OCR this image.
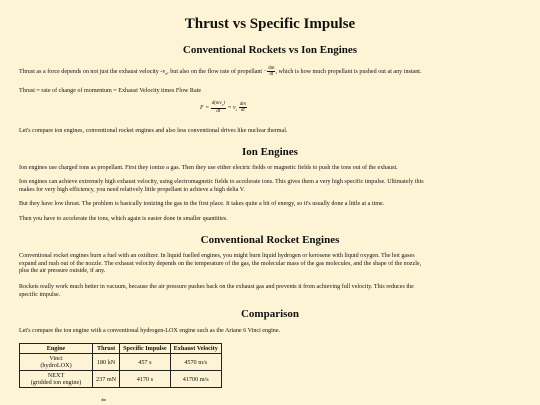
Thrust vs Specific Impulse
Conventional Rockets vs Ion Engines
Thrust as a force depends on not just the exhaust velocity $-v_e$, but also on the flow rate of propellant − $\frac{dm}{dt}$ , which is how much propellant is pushed out at any instant.
Thrust = rate of change of momentum = Exhaust Velocity times Flow Rate
$F = \frac{d(mv_e)}{dt} = v_e \frac{dm}{dt}$
Let's compare ion engines, conventional rocket engines and also less conventional drives like nuclear thermal.
Ion Engines
Ion engines use charged ions as propellant. First they ionize a gas. Then they use either electric fields or magnetic fields to push the ions out of the exhaust.
Ion engines can achieve extremely high exhaust velocity, using electromagnetic fields to accelerate ions. This gives them a very high specific impulse. Ultimately this
makes for very high efficiency, you need relatively little propellant to achieve a high delta V.
But they have low thrust. The problem is basically ionizing the gas in the first place. It takes quite a bit of energy, so it's usually done a little at a time.
Then you have to accelerate the ions, which again is easier done in smaller quantities.
Conventional Rocket Engines
Conventional rocket engines burn a fuel with an oxidizer. In liquid fuelled engines, you might burn liquid hydrogen or kerosene with liquid oxygen. The hot gases
expand and rush out of the nozzle. The exhaust velocity depends on the temperature of the gas, the molecular mass of the gas molecules, and the shape of the nozzle,
plus the air pressure outside, if any.
Rockets really work much better in vacuum, because the air pressure pushes back on the exhaust gas and prevents it from achieving full velocity. This reduces the
specific impulse.
Comparison
Let's compare the ion engine with a conventional hydrogen-LOX engine such as the Ariane 6 Vinci engine.
Engine	Thrust	Specific Impulse	Exhaust Velocity

Vinci
(hydroLOX)	180 kN	457 s	4570 m/s

NEXT
(gridded ion engine)	237 mN	4170 s	41700 m/s
dm
